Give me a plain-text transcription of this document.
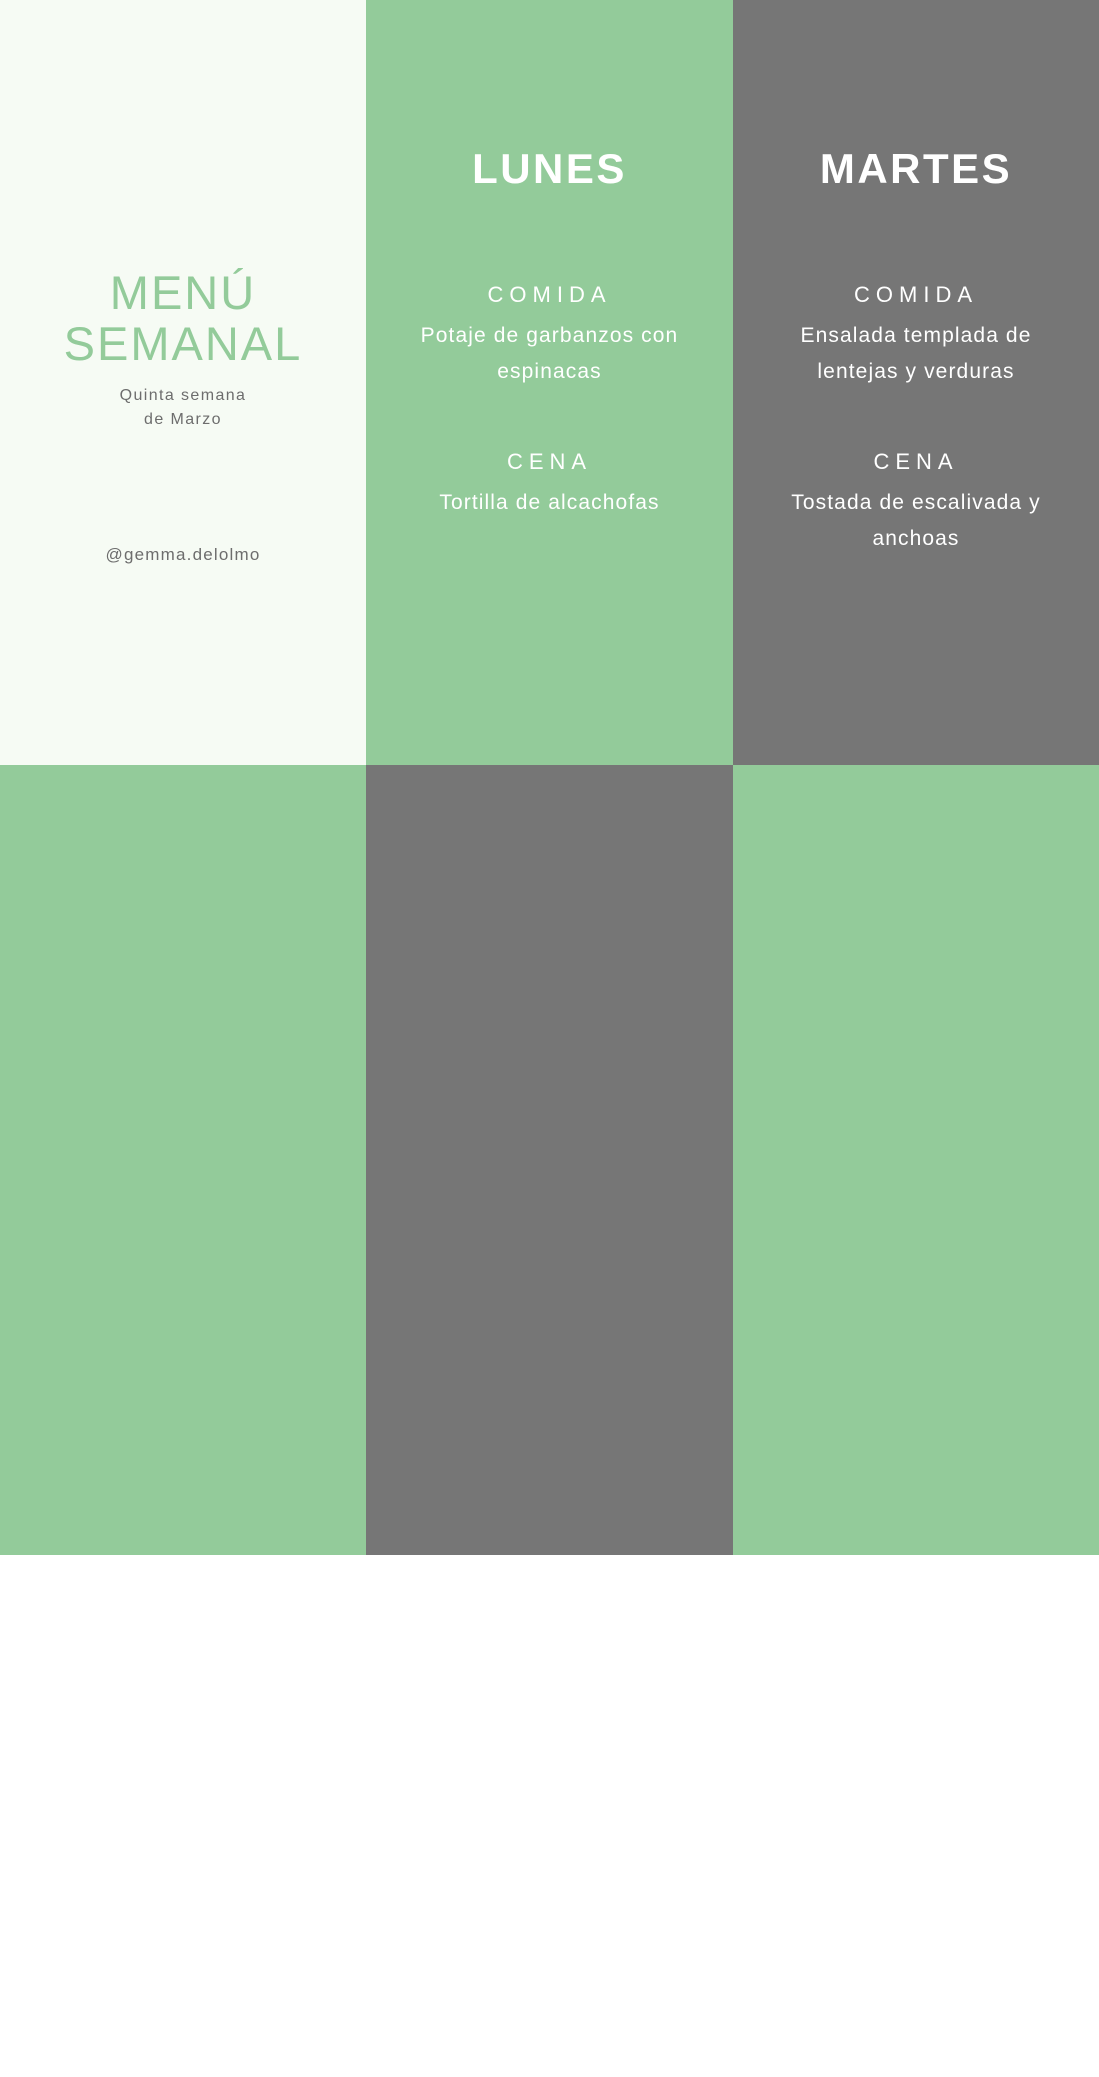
MENÚ
SEMANAL
Quinta semana
de Marzo
@gemma.delolmo
LUNES
COMIDA
Potaje de garbanzos con espinacas
CENA
Tortilla de alcachofas
MARTES
COMIDA
Ensalada templada de lentejas y verduras
CENA
Tostada de escalivada y anchoas
MIÉRCOLES
COMIDA
Ensalada de quinoa con salteado de pollo
CENA
Tortilla de alcachofas
JUEVES
COMIDA
Potaje de garbanzos con espinacas
CENA
Tostada de escalivada y anchoas
VIERNES
COMIDA
Ensalada templada de lentejas y verduras
CENA
Ensalada de quinoa con salteado de pollo
